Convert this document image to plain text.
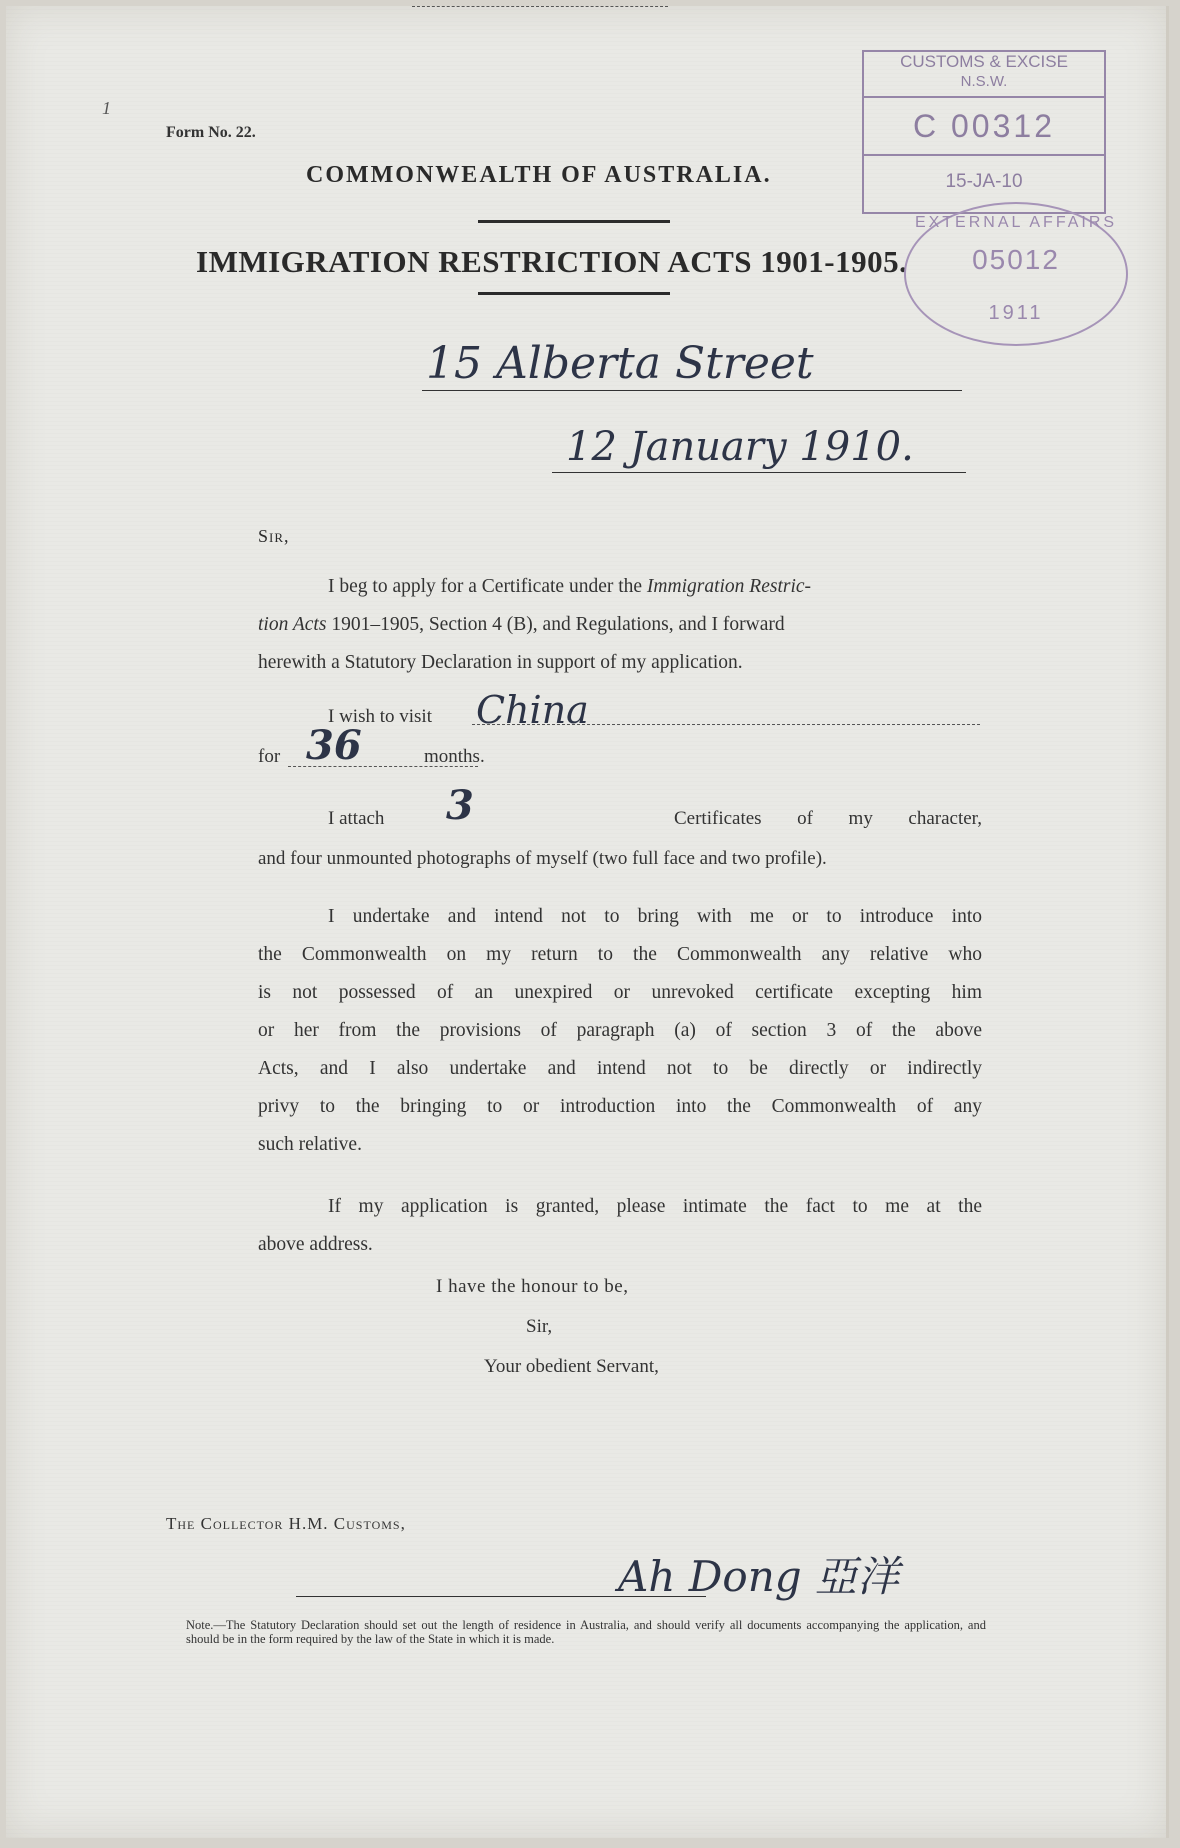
1
Form No. 22.
COMMONWEALTH OF AUSTRALIA.
IMMIGRATION RESTRICTION ACTS 1901-1905.
CUSTOMS & EXCISE
N.S.W.
C 00312
15-JA-10
EXTERNAL AFFAIRS
05012
1911
15 Alberta Street
12 January 1910.
Sir,
I beg to apply for a Certificate under the Immigration Restric-
tion Acts 1901–1905, Section 4 (B), and Regulations, and I forward
herewith a Statutory Declaration in support of my application.
I wish to visit China
for 36	months.
I attach 3	Certificates of my character,
and four unmounted photographs of myself (two full face and two profile).
I undertake and intend not to bring with me or to introduce into
the Commonwealth on my return to the Commonwealth any relative who
is not possessed of an unexpired or unrevoked certificate excepting him
or her from the provisions of paragraph (a) of section 3 of the above
Acts, and I also undertake and intend not to be directly or indirectly
privy to the bringing to or introduction into the Commonwealth of any
such relative.
If my application is granted, please intimate the fact to me at the
above address.
I have the honour to be,
Sir,
Your obedient Servant,
The Collector H.M. Customs,
Ah Dong 亞洋
Note.—The Statutory Declaration should set out the length of residence in Australia, and should verify all documents accompanying the application, and should be in the form required by the law of the State in which it is made.
